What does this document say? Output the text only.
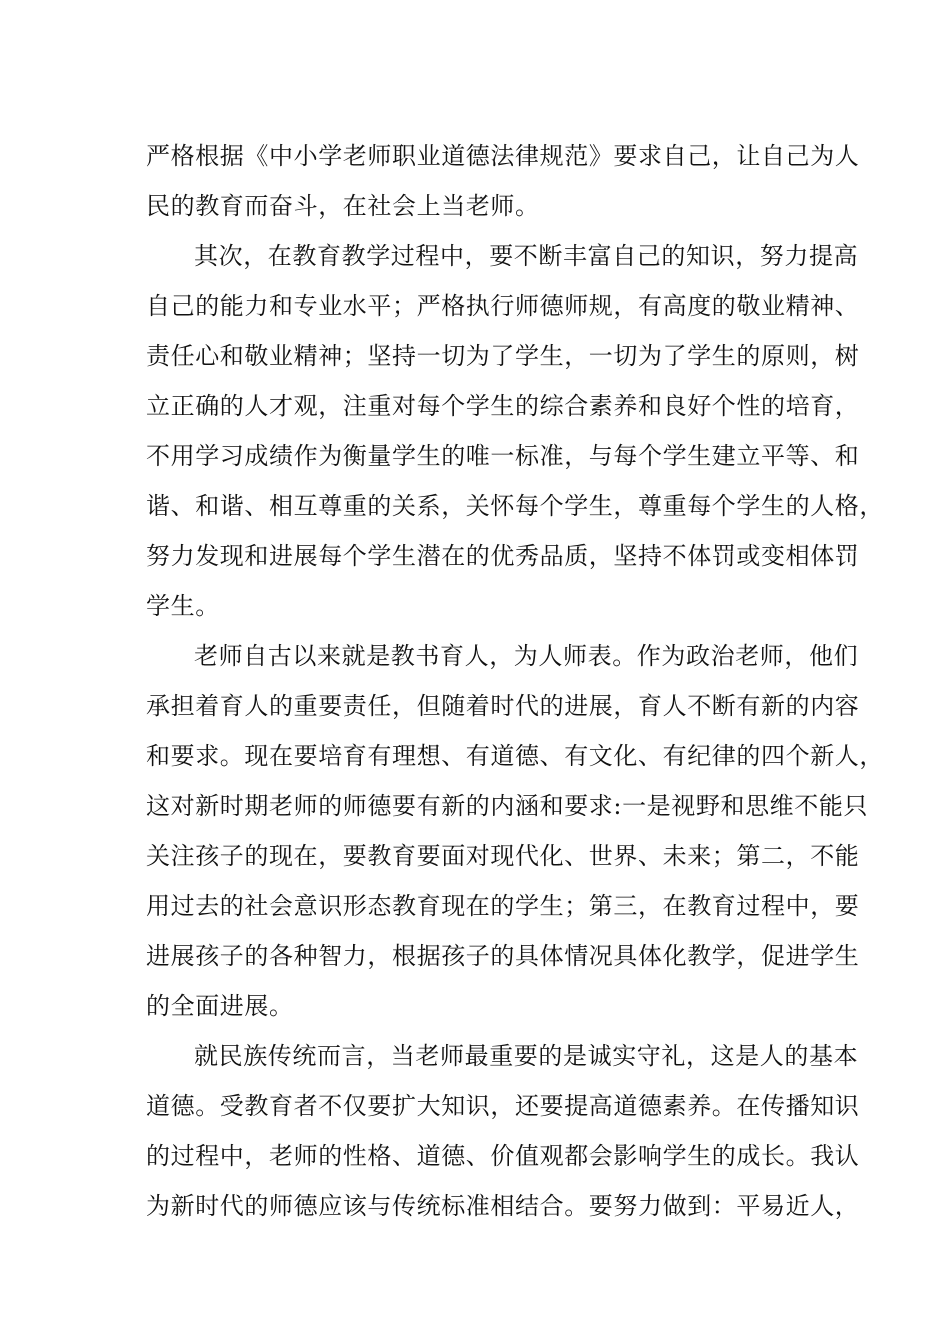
严格根据《中小学老师职业道德法律规范》要求自己，让自己为人
民的教育而奋斗，在社会上当老师。
其次，在教育教学过程中，要不断丰富自己的知识，努力提高
自己的能力和专业水平；严格执行师德师规，有高度的敬业精神、
责任心和敬业精神；坚持一切为了学生，一切为了学生的原则，树
立正确的人才观，注重对每个学生的综合素养和良好个性的培育，
不用学习成绩作为衡量学生的唯一标准，与每个学生建立平等、和
谐、和谐、相互尊重的关系，关怀每个学生，尊重每个学生的人格，
努力发现和进展每个学生潜在的优秀品质，坚持不体罚或变相体罚
学生。
老师自古以来就是教书育人，为人师表。作为政治老师，他们
承担着育人的重要责任，但随着时代的进展，育人不断有新的内容
和要求。现在要培育有理想、有道德、有文化、有纪律的四个新人，
这对新时期老师的师德要有新的内涵和要求:一是视野和思维不能只
关注孩子的现在，要教育要面对现代化、世界、未来；第二，不能
用过去的社会意识形态教育现在的学生；第三，在教育过程中，要
进展孩子的各种智力，根据孩子的具体情况具体化教学，促进学生
的全面进展。
就民族传统而言，当老师最重要的是诚实守礼，这是人的基本
道德。受教育者不仅要扩大知识，还要提高道德素养。在传播知识
的过程中，老师的性格、道德、价值观都会影响学生的成长。我认
为新时代的师德应该与传统标准相结合。要努力做到：平易近人，
